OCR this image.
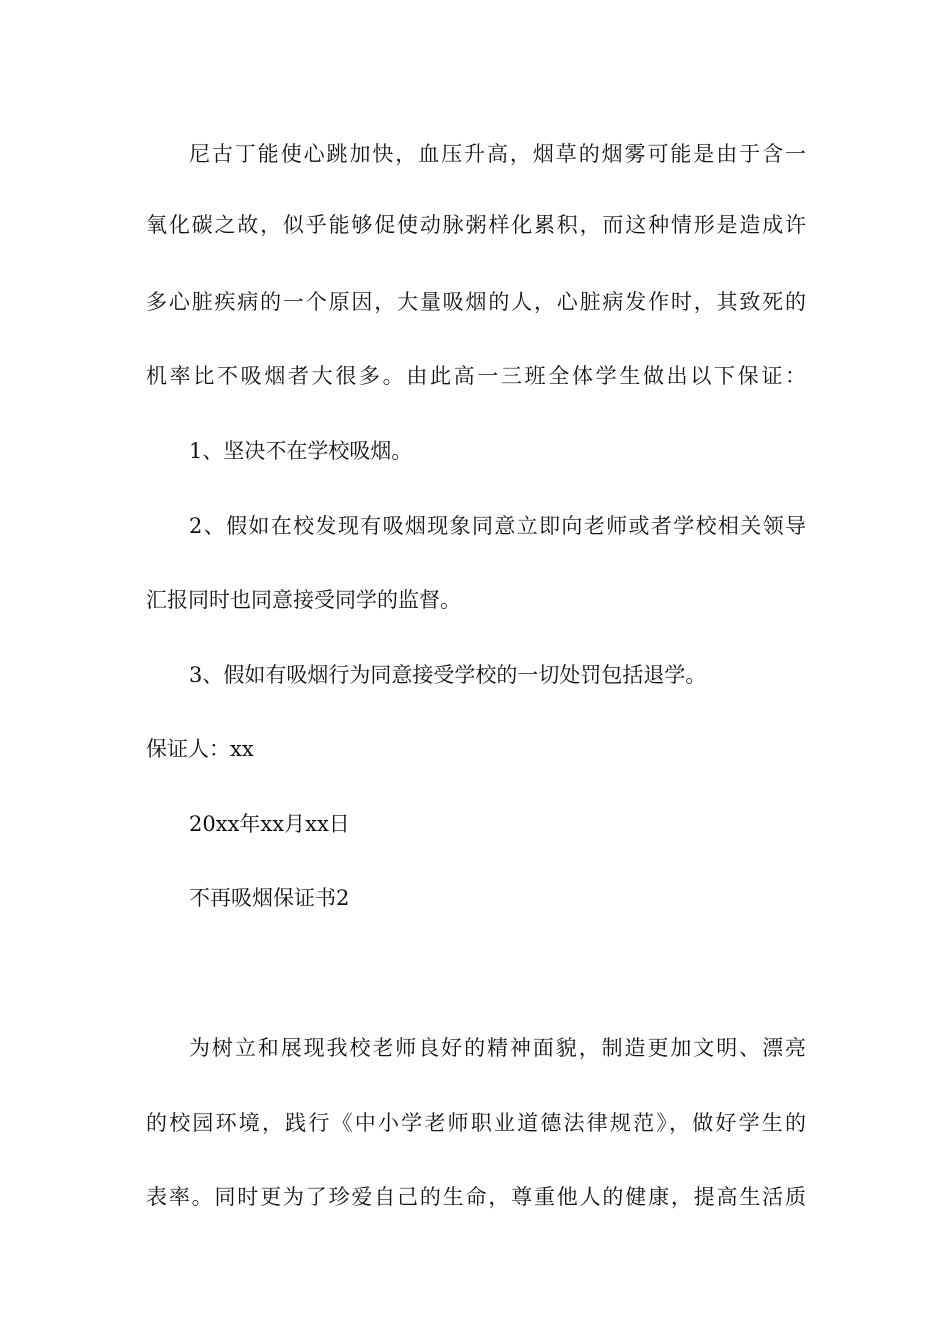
尼古丁能使心跳加快，血压升高，烟草的烟雾可能是由于含一
氧化碳之故，似乎能够促使动脉粥样化累积，而这种情形是造成许
多心脏疾病的一个原因，大量吸烟的人，心脏病发作时，其致死的
机率比不吸烟者大很多。由此高一三班全体学生做出以下保证：
1、坚决不在学校吸烟。
2、假如在校发现有吸烟现象同意立即向老师或者学校相关领导
汇报同时也同意接受同学的监督。
3、假如有吸烟行为同意接受学校的一切处罚包括退学。
保证人：xx
20xx年xx月xx日
不再吸烟保证书2
为树立和展现我校老师良好的精神面貌，制造更加文明、漂亮
的校园环境，践行《中小学老师职业道德法律规范》，做好学生的
表率。同时更为了珍爱自己的生命，尊重他人的健康，提高生活质
